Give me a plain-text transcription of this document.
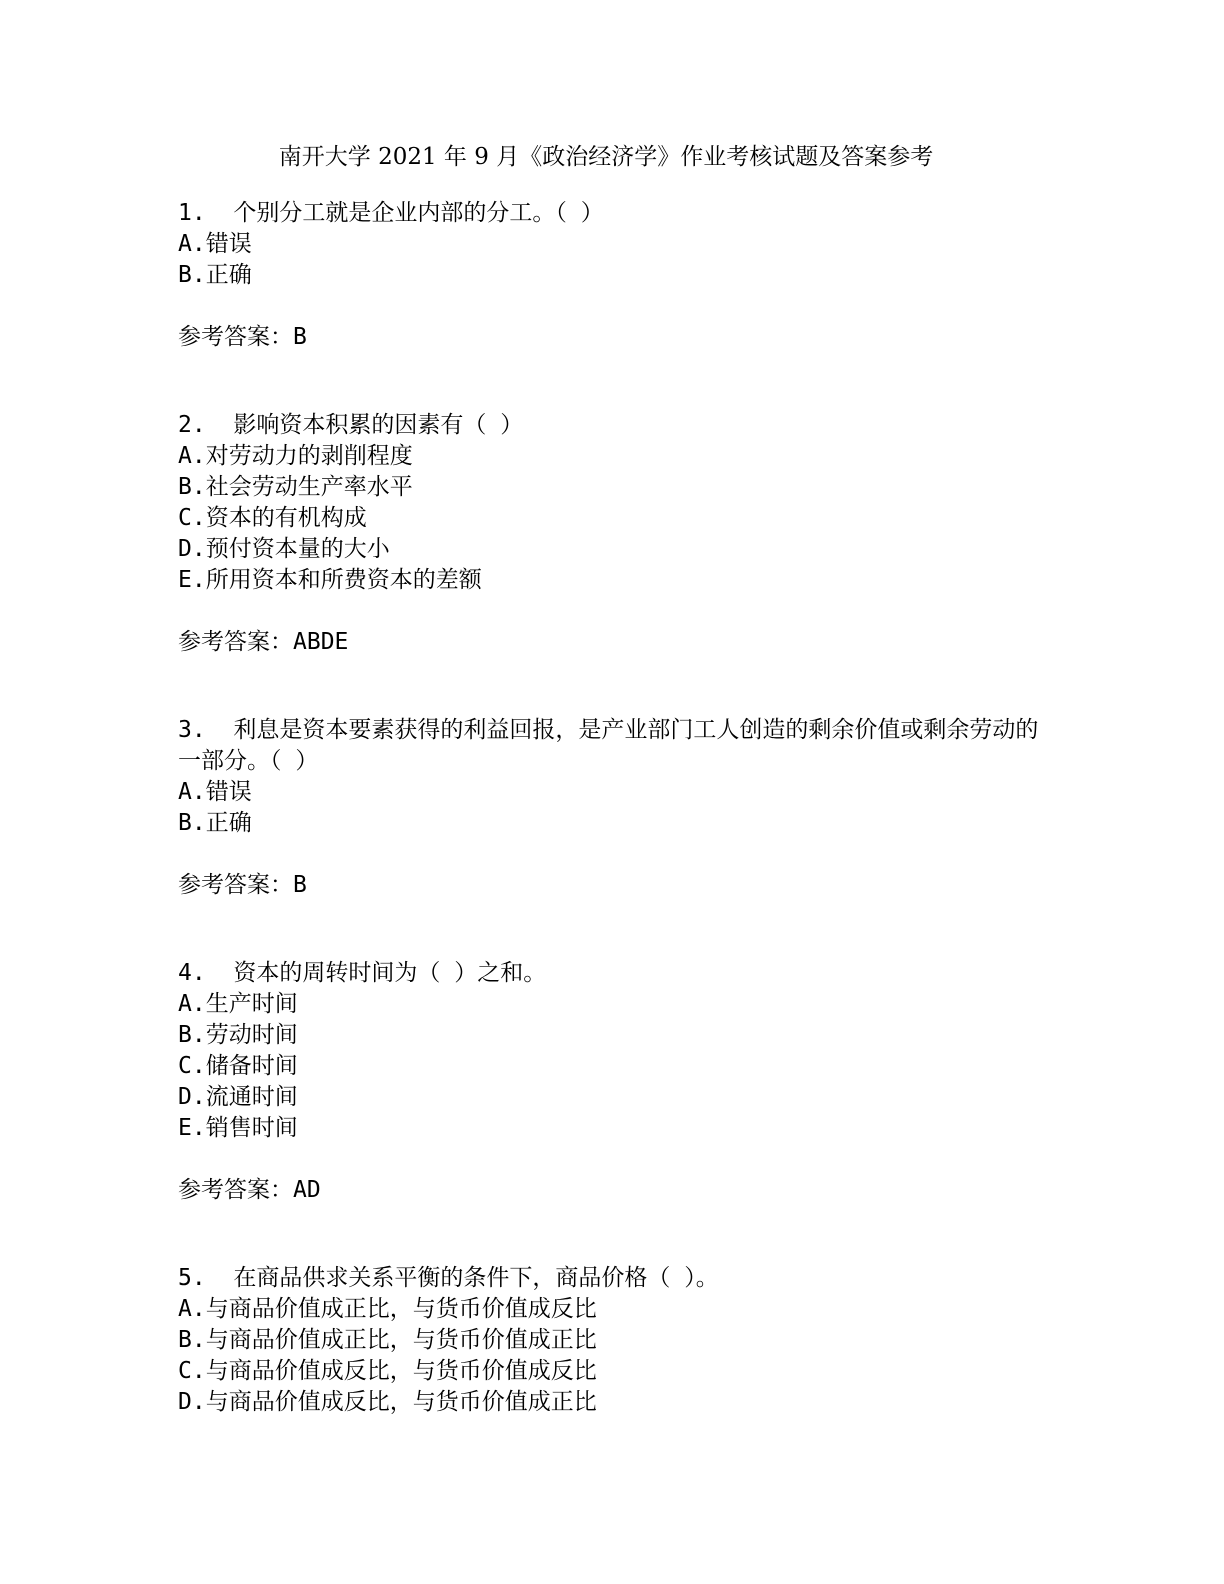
南开大学 2021 年 9 月《政治经济学》作业考核试题及答案参考
1. 个别分工就是企业内部的分工。（ ）
A.错误
B.正确
参考答案：B
2. 影响资本积累的因素有（ ）
A.对劳动力的剥削程度
B.社会劳动生产率水平
C.资本的有机构成
D.预付资本量的大小
E.所用资本和所费资本的差额
参考答案：ABDE
3. 利息是资本要素获得的利益回报，是产业部门工人创造的剩余价值或剩余劳动的一部分。（ ）
A.错误
B.正确
参考答案：B
4. 资本的周转时间为（ ）之和。
A.生产时间
B.劳动时间
C.储备时间
D.流通时间
E.销售时间
参考答案：AD
5. 在商品供求关系平衡的条件下，商品价格（ ）。
A.与商品价值成正比，与货币价值成反比
B.与商品价值成正比，与货币价值成正比
C.与商品价值成反比，与货币价值成反比
D.与商品价值成反比，与货币价值成正比
